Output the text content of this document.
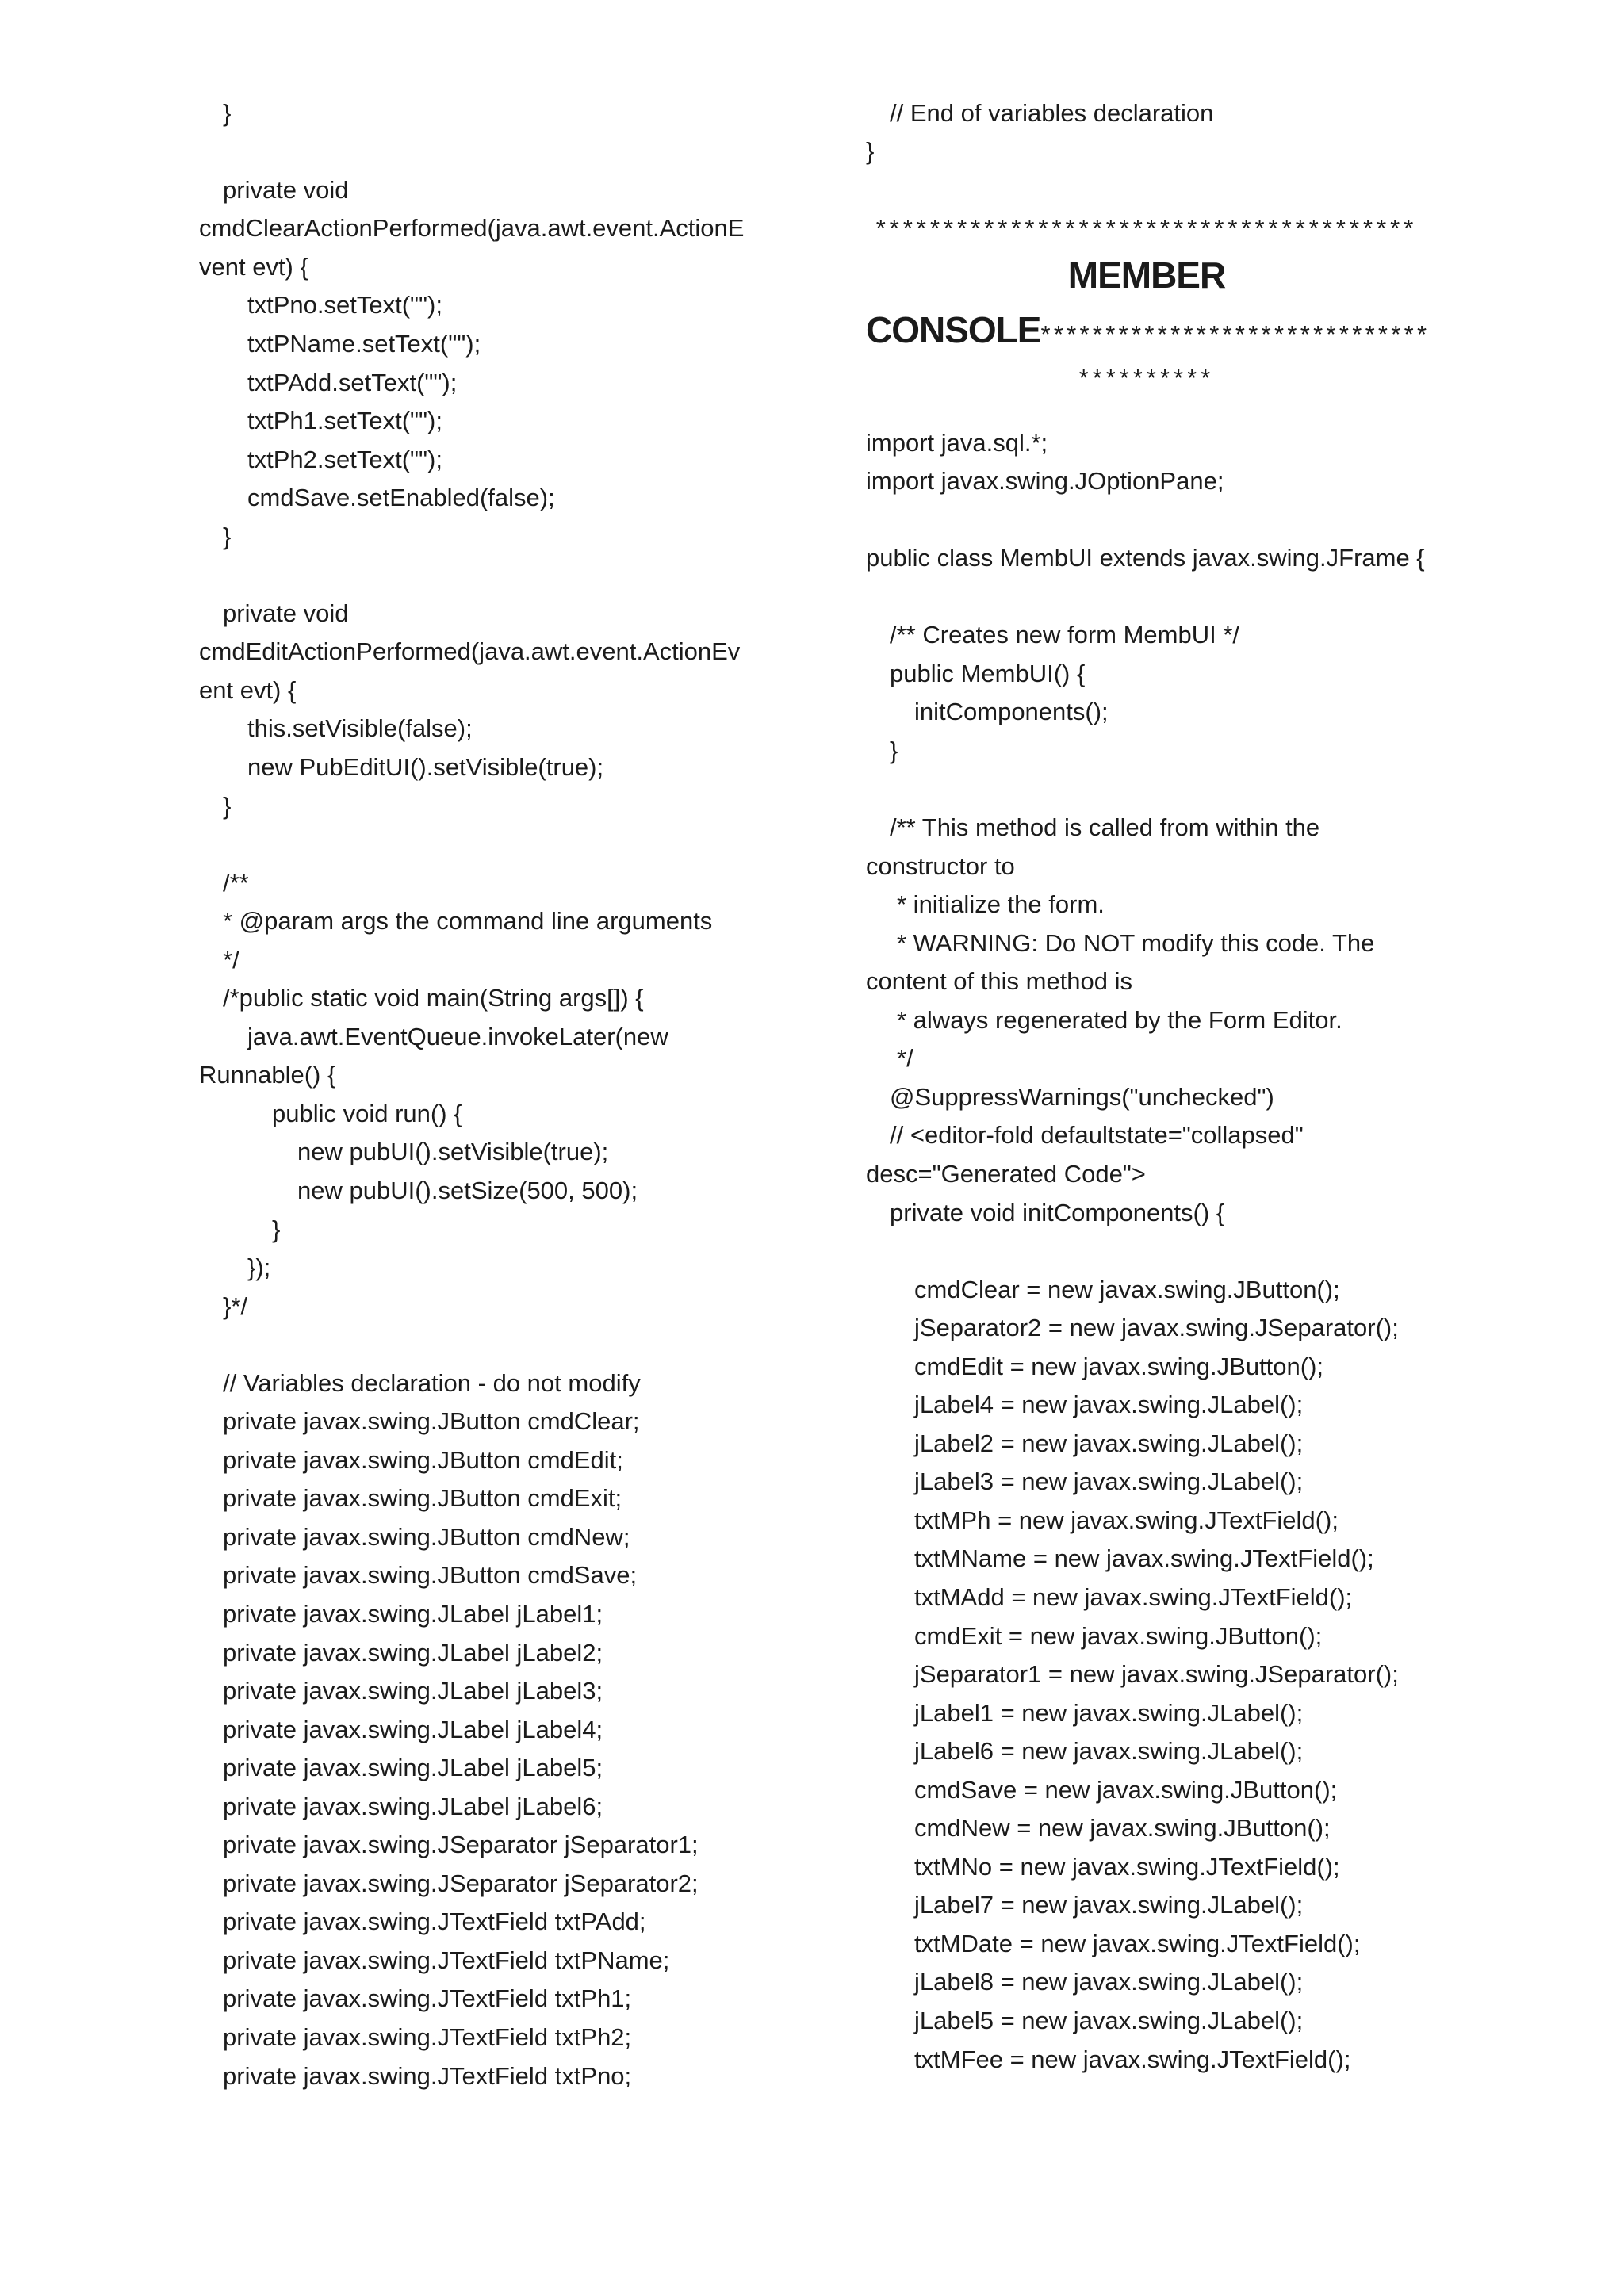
}
private void
cmdClearActionPerformed(java.awt.event.ActionE
vent evt) {
txtPno.setText("");
txtPName.setText("");
txtPAdd.setText("");
txtPh1.setText("");
txtPh2.setText("");
cmdSave.setEnabled(false);
}
private void
cmdEditActionPerformed(java.awt.event.ActionEv
ent evt) {
this.setVisible(false);
new PubEditUI().setVisible(true);
}
/**
* @param args the command line arguments
*/
/*public static void main(String args[]) {
java.awt.EventQueue.invokeLater(new
Runnable() {
public void run() {
new pubUI().setVisible(true);
new pubUI().setSize(500, 500);
}
});
}*/
// Variables declaration - do not modify
private javax.swing.JButton cmdClear;
private javax.swing.JButton cmdEdit;
private javax.swing.JButton cmdExit;
private javax.swing.JButton cmdNew;
private javax.swing.JButton cmdSave;
private javax.swing.JLabel jLabel1;
private javax.swing.JLabel jLabel2;
private javax.swing.JLabel jLabel3;
private javax.swing.JLabel jLabel4;
private javax.swing.JLabel jLabel5;
private javax.swing.JLabel jLabel6;
private javax.swing.JSeparator jSeparator1;
private javax.swing.JSeparator jSeparator2;
private javax.swing.JTextField txtPAdd;
private javax.swing.JTextField txtPName;
private javax.swing.JTextField txtPh1;
private javax.swing.JTextField txtPh2;
private javax.swing.JTextField txtPno;
// End of variables declaration
}
****************************************
MEMBER
CONSOLE******************************
**********
import java.sql.*;
import javax.swing.JOptionPane;
public class MembUI extends javax.swing.JFrame {
/** Creates new form MembUI */
public MembUI() {
initComponents();
}
/** This method is called from within the
constructor to
* initialize the form.
* WARNING: Do NOT modify this code. The
content of this method is
* always regenerated by the Form Editor.
*/
@SuppressWarnings("unchecked")
// <editor-fold defaultstate="collapsed"
desc="Generated Code">
private void initComponents() {
cmdClear = new javax.swing.JButton();
jSeparator2 = new javax.swing.JSeparator();
cmdEdit = new javax.swing.JButton();
jLabel4 = new javax.swing.JLabel();
jLabel2 = new javax.swing.JLabel();
jLabel3 = new javax.swing.JLabel();
txtMPh = new javax.swing.JTextField();
txtMName = new javax.swing.JTextField();
txtMAdd = new javax.swing.JTextField();
cmdExit = new javax.swing.JButton();
jSeparator1 = new javax.swing.JSeparator();
jLabel1 = new javax.swing.JLabel();
jLabel6 = new javax.swing.JLabel();
cmdSave = new javax.swing.JButton();
cmdNew = new javax.swing.JButton();
txtMNo = new javax.swing.JTextField();
jLabel7 = new javax.swing.JLabel();
txtMDate = new javax.swing.JTextField();
jLabel8 = new javax.swing.JLabel();
jLabel5 = new javax.swing.JLabel();
txtMFee = new javax.swing.JTextField();
